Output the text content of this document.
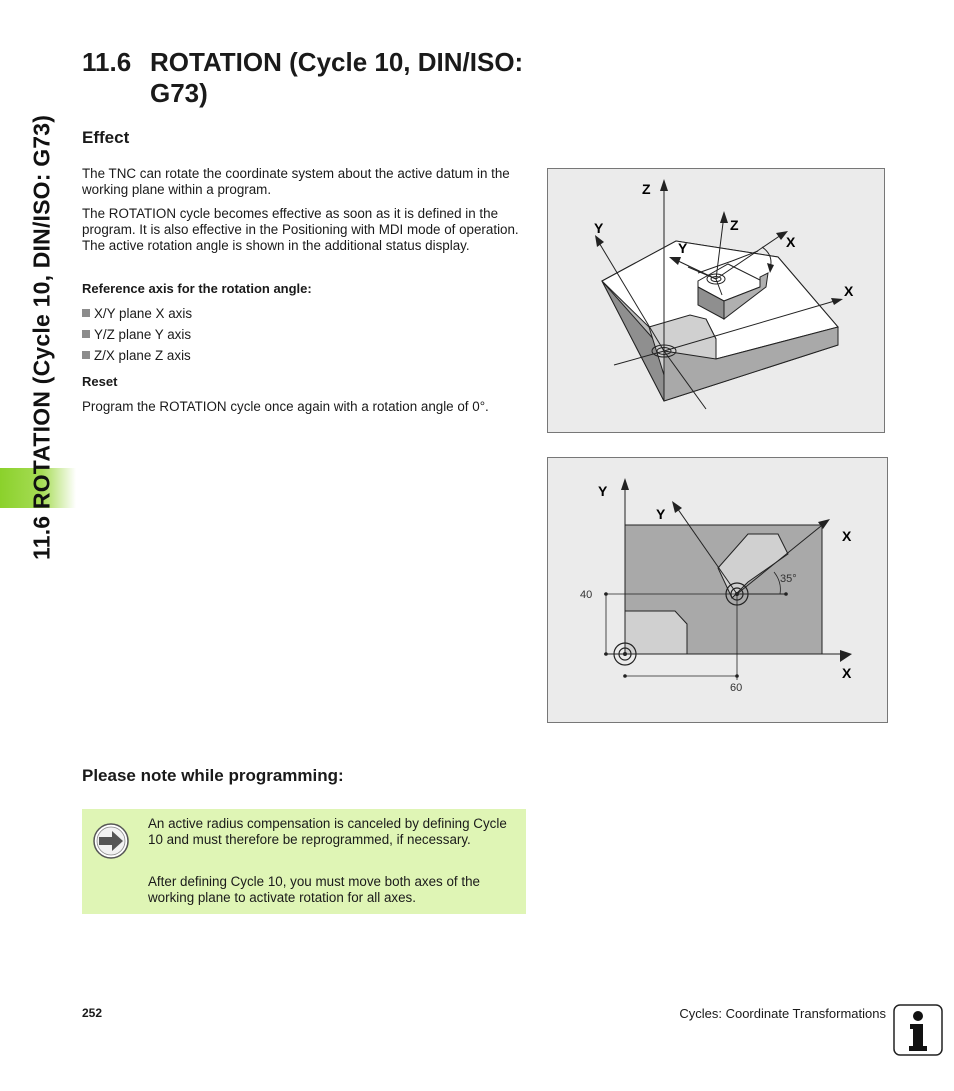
11.6 ROTATION (Cycle 10, DIN/ISO: G73)
11.6 ROTATION (Cycle 10, DIN/ISO: G73)
Effect
The TNC can rotate the coordinate system about the active datum in the working plane within a program.
The ROTATION cycle becomes effective as soon as it is defined in the program. It is also effective in the Positioning with MDI mode of operation. The active rotation angle is shown in the additional status display.
Reference axis for the rotation angle:
X/Y plane X axis
Y/Z plane Y axis
Z/X plane Z axis
Reset
Program the ROTATION cycle once again with a rotation angle of 0°.
Z
Y
X
Z
Y	X
Y
Y
X
X
35°
40
60
Please note while programming:
An active radius compensation is canceled by defining Cycle 10 and must therefore be reprogrammed, if necessary.
After defining Cycle 10, you must move both axes of the working plane to activate rotation for all axes.
252	Cycles: Coordinate Transformations
